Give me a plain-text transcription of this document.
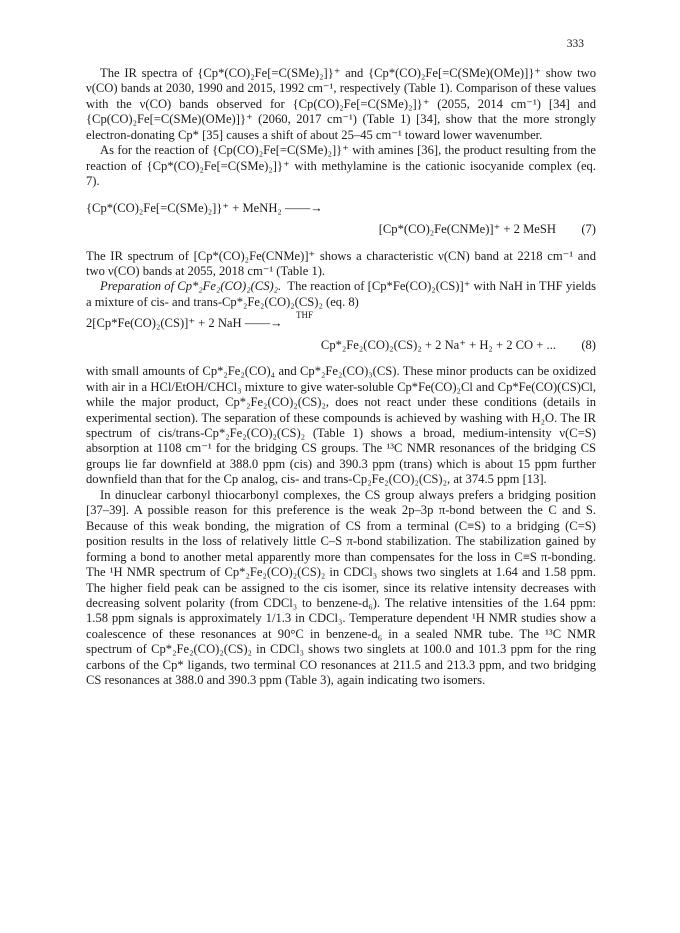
333

The IR spectra of {Cp*(CO)₂Fe[=C(SMe)₂]}⁺ and {Cp*(CO)₂Fe[=C(SMe)(OMe)]}⁺ show two ν(CO) bands at 2030, 1990 and 2015, 1992 cm⁻¹, respectively (Table 1). Comparison of these values with the ν(CO) bands observed for {Cp(CO)₂Fe[=C(SMe)₂]}⁺ (2055, 2014 cm⁻¹) [34] and {Cp(CO)₂Fe[=C(SMe)(OMe)]}⁺ (2060, 2017 cm⁻¹) (Table 1) [34], show that the more strongly electron-donating Cp* [35] causes a shift of about 25–45 cm⁻¹ toward lower wavenumber.

As for the reaction of {Cp(CO)₂Fe[=C(SMe)₂]}⁺ with amines [36], the product resulting from the reaction of {Cp*(CO)₂Fe[=C(SMe)₂]}⁺ with methylamine is the cationic isocyanide complex (eq. 7).

{Cp*(CO)₂Fe[=C(SMe)₂]}⁺ + MeNH₂ ——→
[Cp*(CO)₂Fe(CNMe)]⁺ + 2 MeSH (7)

The IR spectrum of [Cp*(CO)₂Fe(CNMe)]⁺ shows a characteristic ν(CN) band at 2218 cm⁻¹ and two ν(CO) bands at 2055, 2018 cm⁻¹ (Table 1).

Preparation of Cp*₂Fe₂(CO)₂(CS)₂. The reaction of [Cp*Fe(CO)₂(CS)]⁺ with NaH in THF yields a mixture of cis- and trans-Cp*₂Fe₂(CO)₂(CS)₂ (eq. 8)

2[Cp*Fe(CO)₂(CS)]⁺ + 2 NaH ——→
THF
Cp*₂Fe₂(CO)₂(CS)₂ + 2 Na⁺ + H₂ + 2 CO + ... (8)

with small amounts of Cp*₂Fe₂(CO)₄ and Cp*₂Fe₂(CO)₃(CS). These minor products can be oxidized with air in a HCl/EtOH/CHCl₃ mixture to give water-soluble Cp*Fe(CO)₂Cl and Cp*Fe(CO)(CS)Cl, while the major product, Cp*₂Fe₂(CO)₂(CS)₂, does not react under these conditions (details in experimental section). The separation of these compounds is achieved by washing with H₂O. The IR spectrum of cis/trans-Cp*₂Fe₂(CO)₂(CS)₂ (Table 1) shows a broad, medium-intensity ν(C=S) absorption at 1108 cm⁻¹ for the bridging CS groups. The ¹³C NMR resonances of the bridging CS groups lie far downfield at 388.0 ppm (cis) and 390.3 ppm (trans) which is about 15 ppm further downfield than that for the Cp analog, cis- and trans-Cp₂Fe₂(CO)₂(CS)₂, at 374.5 ppm [13].

In dinuclear carbonyl thiocarbonyl complexes, the CS group always prefers a bridging position [37–39]. A possible reason for this preference is the weak 2p–3p π-bond between the C and S. Because of this weak bonding, the migration of CS from a terminal (C≡S) to a bridging (C=S) position results in the loss of relatively little C–S π-bond stabilization. The stabilization gained by forming a bond to another metal apparently more than compensates for the loss in C≡S π-bonding. The ¹H NMR spectrum of Cp*₂Fe₂(CO)₂(CS)₂ in CDCl₃ shows two singlets at 1.64 and 1.58 ppm. The higher field peak can be assigned to the cis isomer, since its relative intensity decreases with decreasing solvent polarity (from CDCl₃ to benzene-d₆). The relative intensities of the 1.64 ppm: 1.58 ppm signals is approximately 1/1.3 in CDCl₃. Temperature dependent ¹H NMR studies show a coalescence of these resonances at 90°C in benzene-d₆ in a sealed NMR tube. The ¹³C NMR spectrum of Cp*₂Fe₂(CO)₂(CS)₂ in CDCl₃ shows two singlets at 100.0 and 101.3 ppm for the ring carbons of the Cp* ligands, two terminal CO resonances at 211.5 and 213.3 ppm, and two bridging CS resonances at 388.0 and 390.3 ppm (Table 3), again indicating two isomers.
